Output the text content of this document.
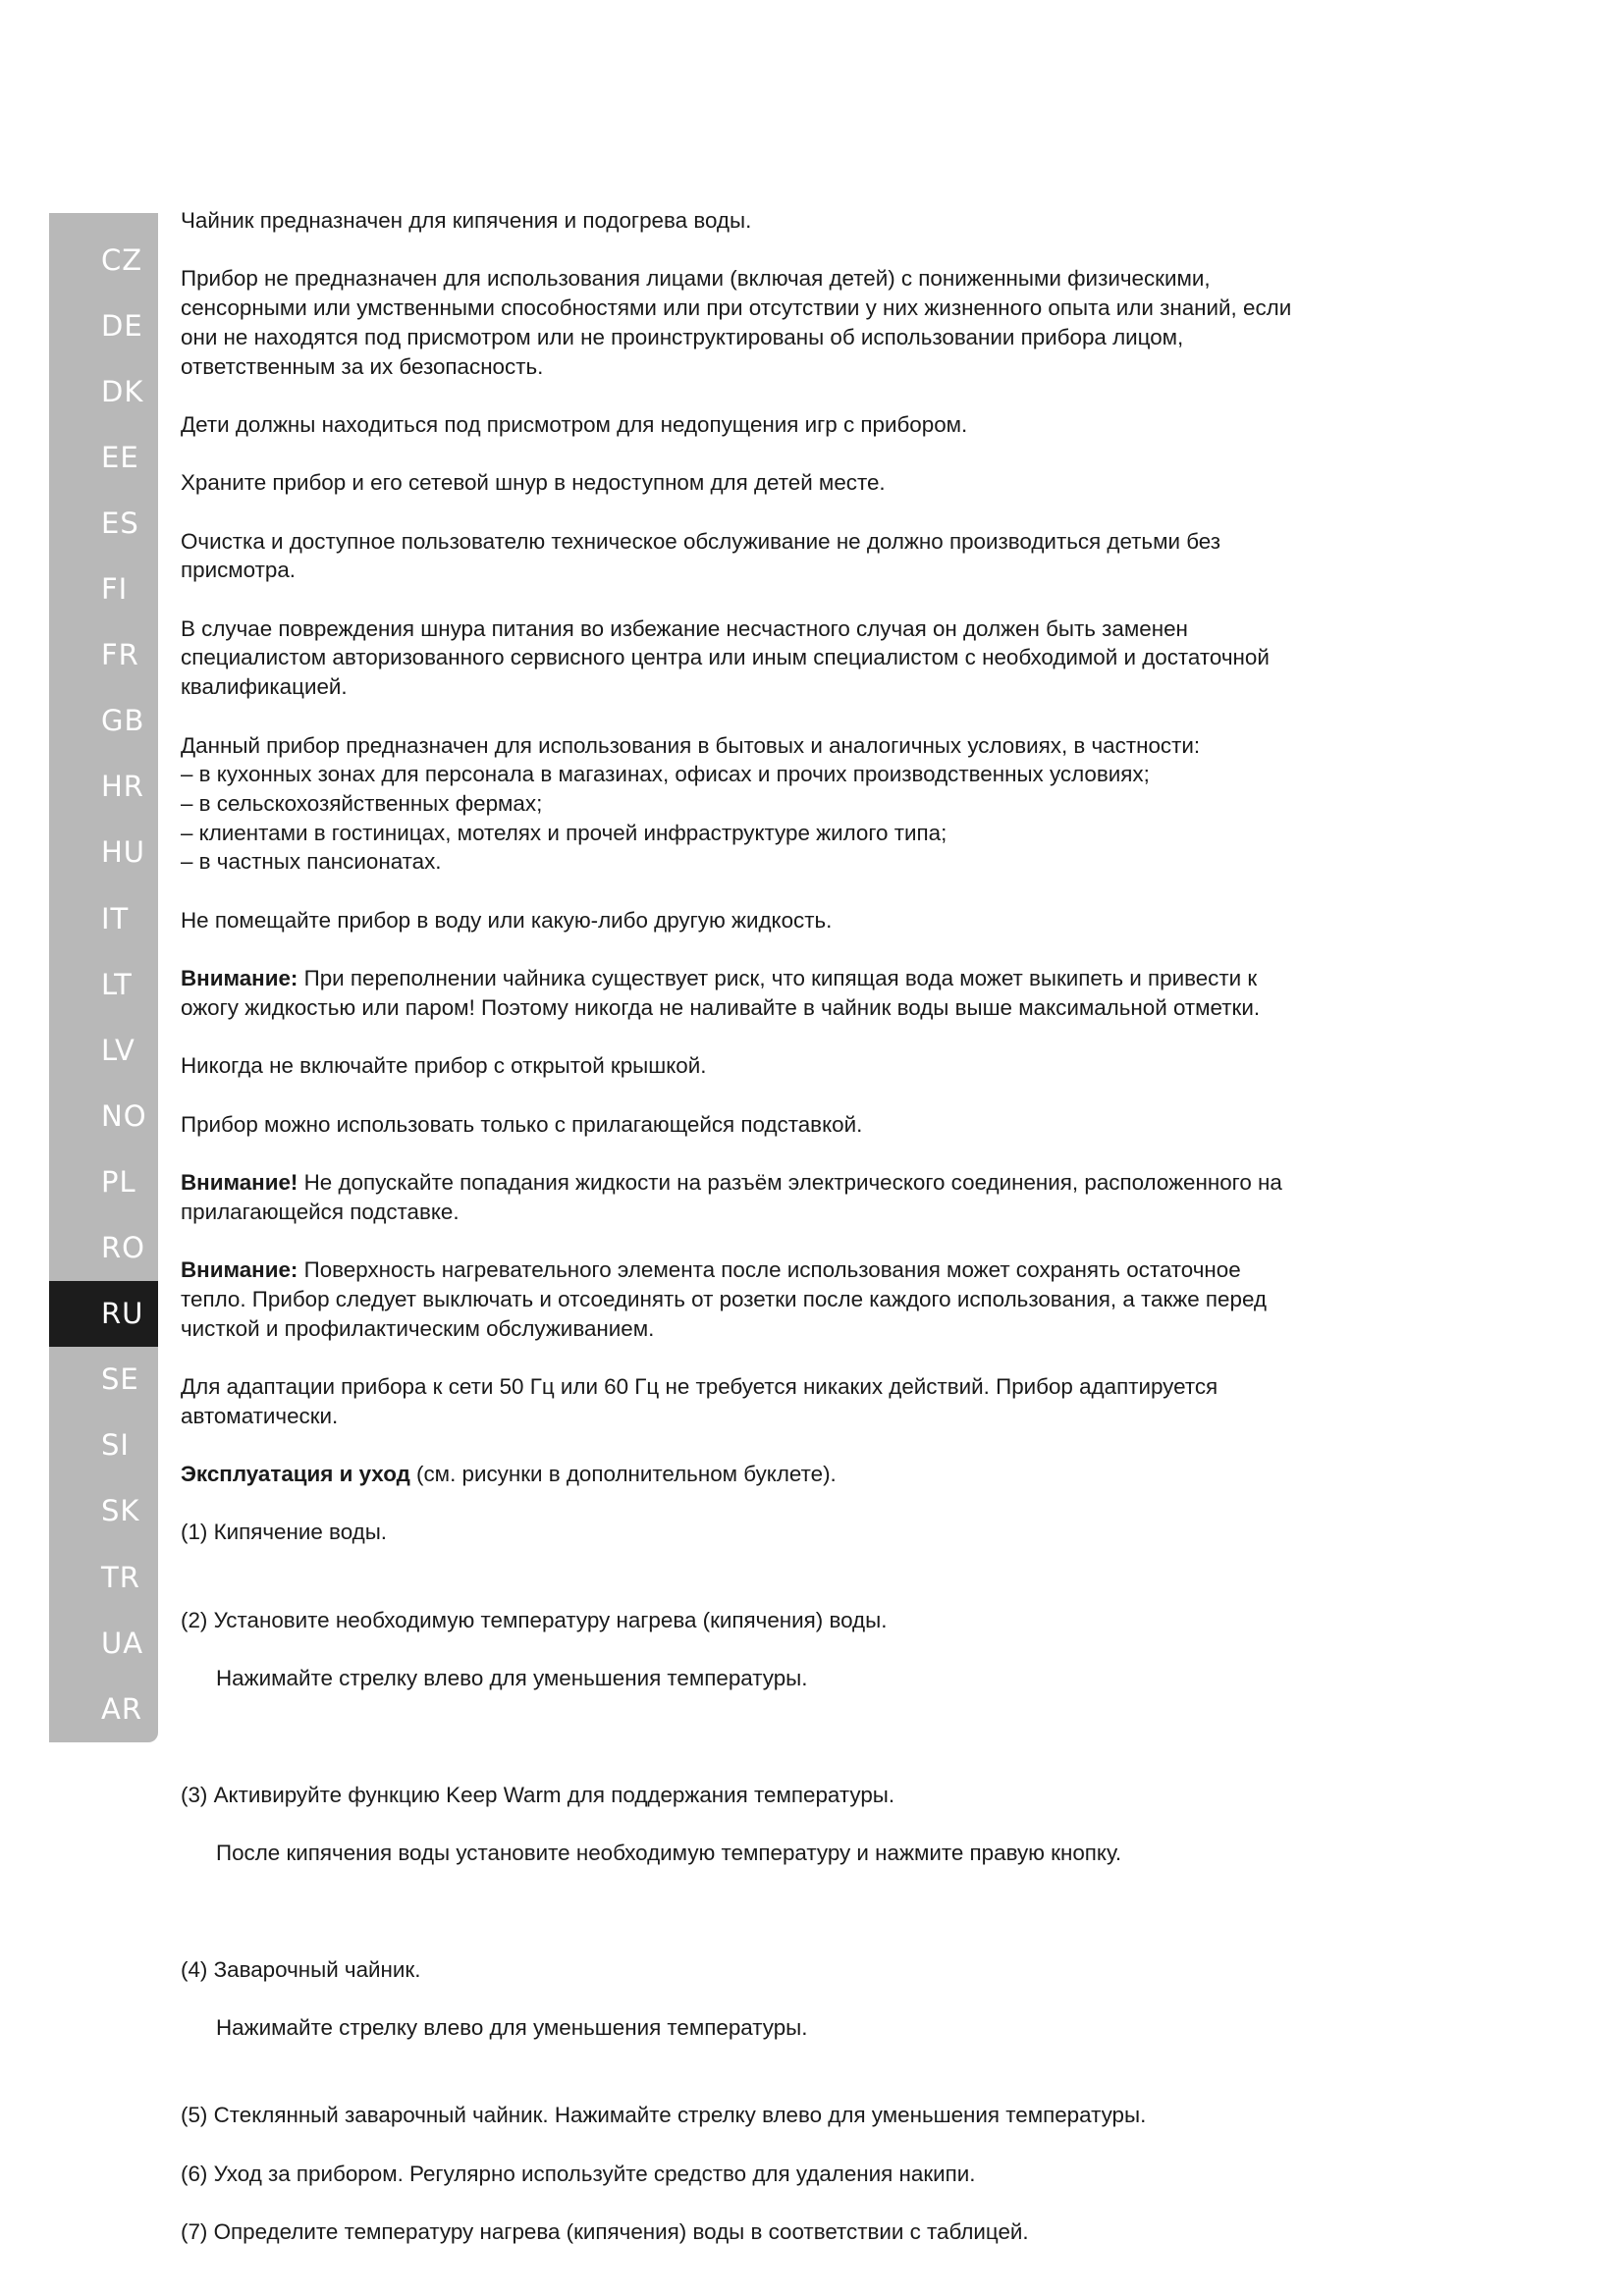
CZ
DE
DK
EE
ES
FI
FR
GB
HR
HU
IT
LT
LV
NO
PL
RO
RU
SE
SI
SK
TR
UA
AR

Чайник предназначен для кипячения и подогрева воды.

Прибор не предназначен для использования лицами (включая детей) с пониженными физическими,
сенсорными или умственными способностями или при отсутствии у них жизненного опыта или знаний, если
они не находятся под присмотром или не проинструктированы об использовании прибора лицом,
ответственным за их безопасность.

Дети должны находиться под присмотром для недопущения игр с прибором.

Храните прибор и его сетевой шнур в недоступном для детей месте.

Очистка и доступное пользователю техническое обслуживание не должно производиться детьми без
присмотра.

В случае повреждения шнура питания во избежание несчастного случая он должен быть заменен
специалистом авторизованного сервисного центра или иным специалистом с необходимой и достаточной
квалификацией.

Данный прибор предназначен для использования в бытовых и аналогичных условиях, в частности:
– в кухонных зонах для персонала в магазинах, офисах и прочих производственных условиях;
– в сельскохозяйственных фермах;
– клиентами в гостиницах, мотелях и прочей инфраструктуре жилого типа;
– в частных пансионатах.

Не помещайте прибор в воду или какую-либо другую жидкость.

Внимание: При переполнении чайника существует риск, что кипящая вода может выкипеть и привести к
ожогу жидкостью или паром! Поэтому никогда не наливайте в чайник воды выше максимальной отметки.

Никогда не включайте прибор с открытой крышкой.

Прибор можно использовать только с прилагающейся подставкой.

Внимание! Не допускайте попадания жидкости на разъём электрического соединения, расположенного на
прилагающейся подставке.

Внимание: Поверхность нагревательного элемента после использования может сохранять остаточное
тепло. Прибор следует выключать и отсоединять от розетки после каждого использования, а также перед
чисткой и профилактическим обслуживанием.

Для адаптации прибора к сети 50 Гц или 60 Гц не требуется никаких действий. Прибор адаптируется
автоматически.

Эксплуатация и уход (см. рисунки в дополнительном буклете).

(1) Кипячение воды.

(2) Установите необходимую температуру нагрева (кипячения) воды.

Нажимайте стрелку влево для уменьшения температуры.

(3) Активируйте функцию Keep Warm для поддержания температуры.

После кипячения воды установите необходимую температуру и нажмите правую кнопку.

(4) Заварочный чайник.

Нажимайте стрелку влево для уменьшения температуры.

(5) Стеклянный заварочный чайник. Нажимайте стрелку влево для уменьшения температуры.

(6) Уход за прибором. Регулярно используйте средство для удаления накипи.

(7) Определите температуру нагрева (кипячения) воды в соответствии с таблицей.
